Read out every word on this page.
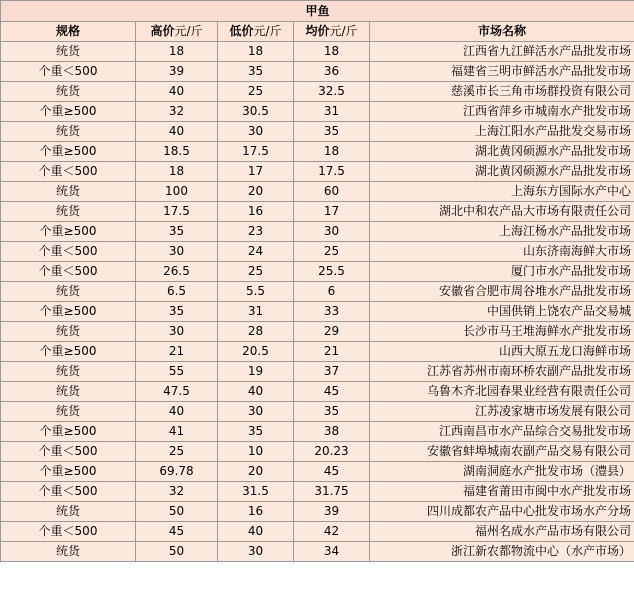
甲鱼				
规格	高价元/斤	低价元/斤	均价元/斤	市场名称
统货	18	18	18	江西省九江鲜活水产品批发市场
个重＜500	39	35	36	福建省三明市鲜活水产品批发市场
统货	40	25	32.5	慈溪市长三角市场群投资有限公司
个重≥500	32	30.5	31	江西省萍乡市城南水产批发市场
统货	40	30	35	上海江阳水产品批发交易市场
个重≥500	18.5	17.5	18	湖北黄冈硕源水产品批发市场
个重＜500	18	17	17.5	湖北黄冈硕源水产品批发市场
统货	100	20	60	上海东方国际水产中心
统货	17.5	16	17	湖北中和农产品大市场有限责任公司
个重≥500	35	23	30	上海江杨水产品批发市场
个重＜500	30	24	25	山东济南海鲜大市场
个重＜500	26.5	25	25.5	厦门市水产品批发市场
统货	6.5	5.5	6	安徽省合肥市周谷堆水产品批发市场
个重≥500	35	31	33	中国供销上饶农产品交易城
统货	30	28	29	长沙市马王堆海鲜水产批发市场
个重≥500	21	20.5	21	山西大原五龙口海鲜市场
统货	55	19	37	江苏省苏州市南环桥农副产品批发市场
统货	47.5	40	45	乌鲁木齐北园春果业经营有限责任公司
统货	40	30	35	江苏凌家塘市场发展有限公司
个重≥500	41	35	38	江西南昌市水产品综合交易批发市场
个重＜500	25	10	20.23	安徽省蚌埠城南农副产品交易有限公司
个重≥500	69.78	20	45	湖南洞庭水产批发市场（澧县）
个重＜500	32	31.5	31.75	福建省莆田市闽中水产批发市场
统货	50	16	39	四川成都农产品中心批发市场水产分场
个重＜500	45	40	42	福州名成水产品市场有限公司
统货	50	30	34	浙江新农都物流中心（水产市场）
